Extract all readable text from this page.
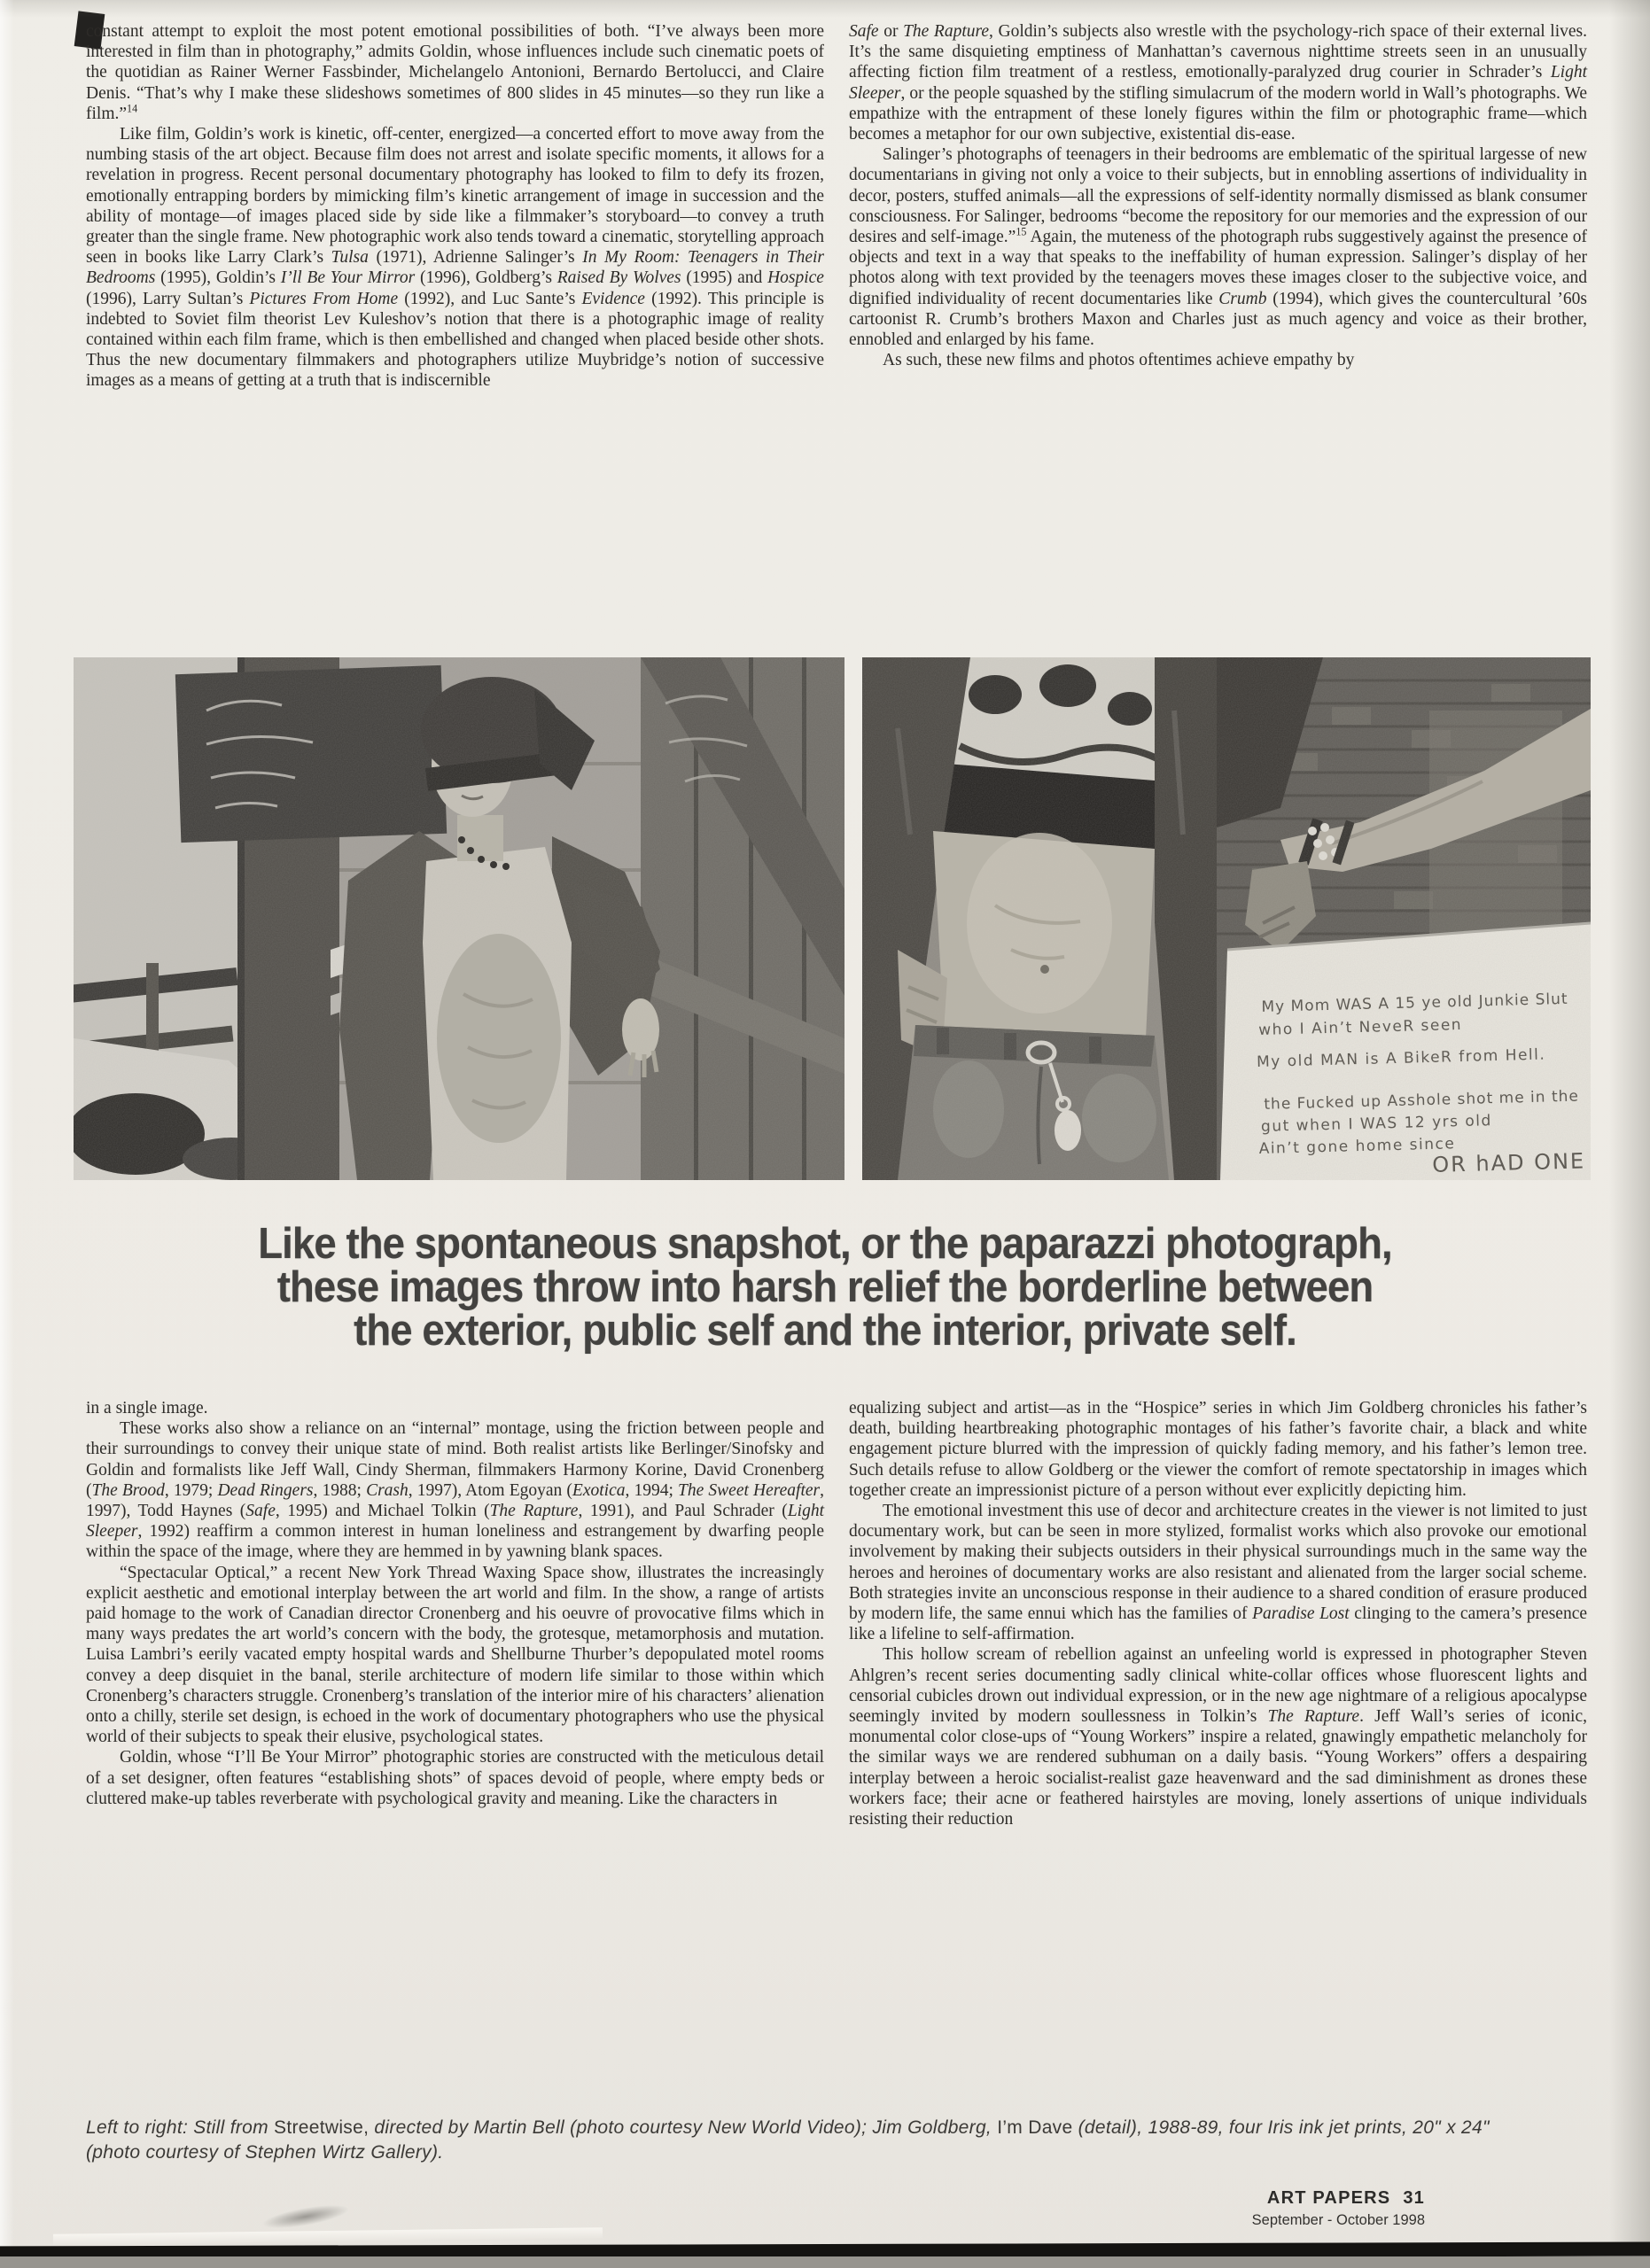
constant attempt to exploit the most potent emotional possibilities of both. “I’ve always been more interested in film than in photography,” admits Goldin, whose influences include such cinematic poets of the quotidian as Rainer Werner Fassbinder, Michelangelo Antonioni, Bernardo Bertolucci, and Claire Denis. “That’s why I make these slideshows sometimes of 800 slides in 45 minutes—so they run like a film.”$^{14}$

Like film, Goldin’s work is kinetic, off-center, energized—a concerted effort to move away from the numbing stasis of the art object. Because film does not arrest and isolate specific moments, it allows for a revelation in progress. Recent personal documentary photography has looked to film to defy its frozen, emotionally entrapping borders by mimicking film’s kinetic arrangement of image in succession and the ability of montage—of images placed side by side like a filmmaker’s storyboard—to convey a truth greater than the single frame. New photographic work also tends toward a cinematic, storytelling approach seen in books like Larry Clark’s Tulsa (1971), Adrienne Salinger’s In My Room: Teenagers in Their Bedrooms (1995), Goldin’s I’ll Be Your Mirror (1996), Goldberg’s Raised By Wolves (1995) and Hospice (1996), Larry Sultan’s Pictures From Home (1992), and Luc Sante’s Evidence (1992). This principle is indebted to Soviet film theorist Lev Kuleshov’s notion that there is a photographic image of reality contained within each film frame, which is then embellished and changed when placed beside other shots. Thus the new documentary filmmakers and photographers utilize Muybridge’s notion of successive images as a means of getting at a truth that is indiscernible

Safe or The Rapture, Goldin’s subjects also wrestle with the psychology-rich space of their external lives. It’s the same disquieting emptiness of Manhattan’s cavernous nighttime streets seen in an unusually affecting fiction film treatment of a restless, emotionally-paralyzed drug courier in Schrader’s Light Sleeper, or the people squashed by the stifling simulacrum of the modern world in Wall’s photographs. We empathize with the entrapment of these lonely figures within the film or photographic frame—which becomes a metaphor for our own subjective, existential dis-ease.

Salinger’s photographs of teenagers in their bedrooms are emblematic of the spiritual largesse of new documentarians in giving not only a voice to their subjects, but in ennobling assertions of individuality in decor, posters, stuffed animals—all the expressions of self-identity normally dismissed as blank consumer consciousness. For Salinger, bedrooms “become the repository for our memories and the expression of our desires and self-image.”$^{15}$ Again, the muteness of the photograph rubs suggestively against the presence of objects and text in a way that speaks to the ineffability of human expression. Salinger’s display of her photos along with text provided by the teenagers moves these images closer to the subjective voice, and dignified individuality of recent documentaries like Crumb (1994), which gives the countercultural ’60s cartoonist R. Crumb’s brothers Maxon and Charles just as much agency and voice as their brother, ennobled and enlarged by his fame.

As such, these new films and photos oftentimes achieve empathy by

Like the spontaneous snapshot, or the paparazzi photograph,
these images throw into harsh relief the borderline between
the exterior, public self and the interior, private self.

in a single image.

These works also show a reliance on an “internal” montage, using the friction between people and their surroundings to convey their unique state of mind. Both realist artists like Berlinger/Sinofsky and Goldin and formalists like Jeff Wall, Cindy Sherman, filmmakers Harmony Korine, David Cronenberg (The Brood, 1979; Dead Ringers, 1988; Crash, 1997), Atom Egoyan (Exotica, 1994; The Sweet Hereafter, 1997), Todd Haynes (Safe, 1995) and Michael Tolkin (The Rapture, 1991), and Paul Schrader (Light Sleeper, 1992) reaffirm a common interest in human loneliness and estrangement by dwarfing people within the space of the image, where they are hemmed in by yawning blank spaces.

“Spectacular Optical,” a recent New York Thread Waxing Space show, illustrates the increasingly explicit aesthetic and emotional interplay between the art world and film. In the show, a range of artists paid homage to the work of Canadian director Cronenberg and his oeuvre of provocative films which in many ways predates the art world’s concern with the body, the grotesque, metamorphosis and mutation. Luisa Lambri’s eerily vacated empty hospital wards and Shellburne Thurber’s depopulated motel rooms convey a deep disquiet in the banal, sterile architecture of modern life similar to those within which Cronenberg’s characters struggle. Cronenberg’s translation of the interior mire of his characters’ alienation onto a chilly, sterile set design, is echoed in the work of documentary photographers who use the physical world of their subjects to speak their elusive, psychological states.

Goldin, whose “I’ll Be Your Mirror” photographic stories are constructed with the meticulous detail of a set designer, often features “establishing shots” of spaces devoid of people, where empty beds or cluttered make-up tables reverberate with psychological gravity and meaning. Like the characters in

equalizing subject and artist—as in the “Hospice” series in which Jim Goldberg chronicles his father’s death, building heartbreaking photographic montages of his father’s favorite chair, a black and white engagement picture blurred with the impression of quickly fading memory, and his father’s lemon tree. Such details refuse to allow Goldberg or the viewer the comfort of remote spectatorship in images which together create an impressionist picture of a person without ever explicitly depicting him.

The emotional investment this use of decor and architecture creates in the viewer is not limited to just documentary work, but can be seen in more stylized, formalist works which also provoke our emotional involvement by making their subjects outsiders in their physical surroundings much in the same way the heroes and heroines of documentary works are also resistant and alienated from the larger social scheme. Both strategies invite an unconscious response in their audience to a shared condition of erasure produced by modern life, the same ennui which has the families of Paradise Lost clinging to the camera’s presence like a lifeline to self-affirmation.

This hollow scream of rebellion against an unfeeling world is expressed in photographer Steven Ahlgren’s recent series documenting sadly clinical white-collar offices whose fluorescent lights and censorial cubicles drown out individual expression, or in the new age nightmare of a religious apocalypse seemingly invited by modern soullessness in Tolkin’s The Rapture. Jeff Wall’s series of iconic, monumental color close-ups of “Young Workers” inspire a related, gnawingly empathetic melancholy for the similar ways we are rendered subhuman on a daily basis. “Young Workers” offers a despairing interplay between a heroic socialist-realist gaze heavenward and the sad diminishment as drones these workers face; their acne or feathered hairstyles are moving, lonely assertions of unique individuals resisting their reduction

Left to right: Still from Streetwise, directed by Martin Bell (photo courtesy New World Video); Jim Goldberg, I’m Dave (detail), 1988-89, four Iris ink jet prints, 20" x 24"
(photo courtesy of Stephen Wirtz Gallery).
ART PAPERS 31
September - October 1998
